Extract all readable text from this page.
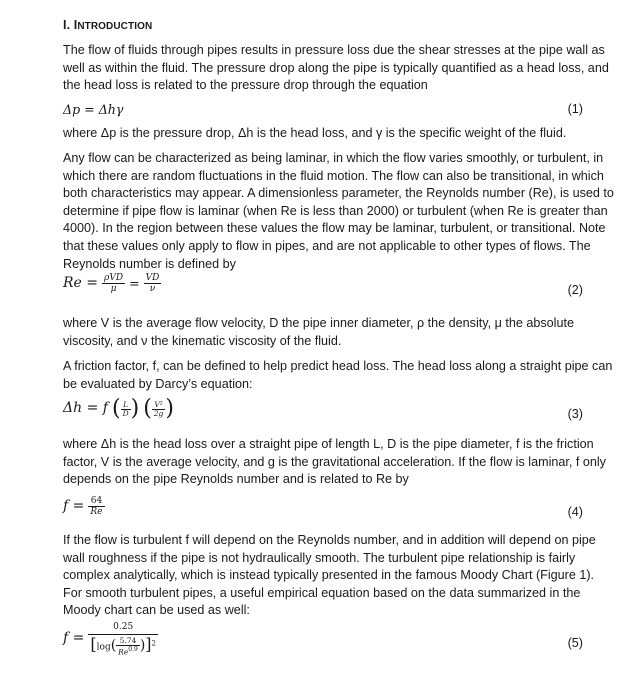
I. INTRODUCTION

The flow of fluids through pipes results in pressure loss due the shear stresses at the pipe wall as well as within the fluid. The pressure drop along the pipe is typically quantified as a head loss, and the head loss is related to the pressure drop through the equation

Δp = Δhγ	(1)

where Δp is the pressure drop, Δh is the head loss, and γ is the specific weight of the fluid.

Any flow can be characterized as being laminar, in which the flow varies smoothly, or turbulent, in which there are random fluctuations in the fluid motion. The flow can also be transitional, in which both characteristics may appear. A dimensionless parameter, the Reynolds number (Re), is used to determine if pipe flow is laminar (when Re is less than 2000) or turbulent (when Re is greater than 4000). In the region between these values the flow may be laminar, turbulent, or transitional. Note that these values only apply to flow in pipes, and are not applicable to other types of flows. The Reynolds number is defined by

$Re = \frac{\text{ρVD}}{\mu} = \frac{VD}{\nu}$	(2)

where V is the average flow velocity, D the pipe inner diameter, ρ the density, μ the absolute viscosity, and ν the kinematic viscosity of the fluid.

A friction factor, f, can be defined to help predict head loss. The head loss along a straight pipe can be evaluated by Darcy’s equation:

Δh = f ( $\frac{L}{D}$ ) ( $\frac{\text{V²}}{2g}$ )	(3)

where Δh is the head loss over a straight pipe of length L, D is the pipe diameter, f is the friction factor, V is the average velocity, and g is the gravitational acceleration. If the flow is laminar, f only depends on the pipe Reynolds number and is related to Re by

$f = \frac{64}{Re}$	(4)

If the flow is turbulent f will depend on the Reynolds number, and in addition will depend on pipe wall roughness if the pipe is not hydraulically smooth. The turbulent pipe relationship is fairly complex analytically, which is instead typically presented in the famous Moody Chart (Figure 1). For smooth turbulent pipes, a useful empirical equation based on the data summarized in the Moody chart can be used as well:

$f = \frac{0.25}{[\log( \frac{5.74}{Re^{0.9}} )]^2}$	(5)
